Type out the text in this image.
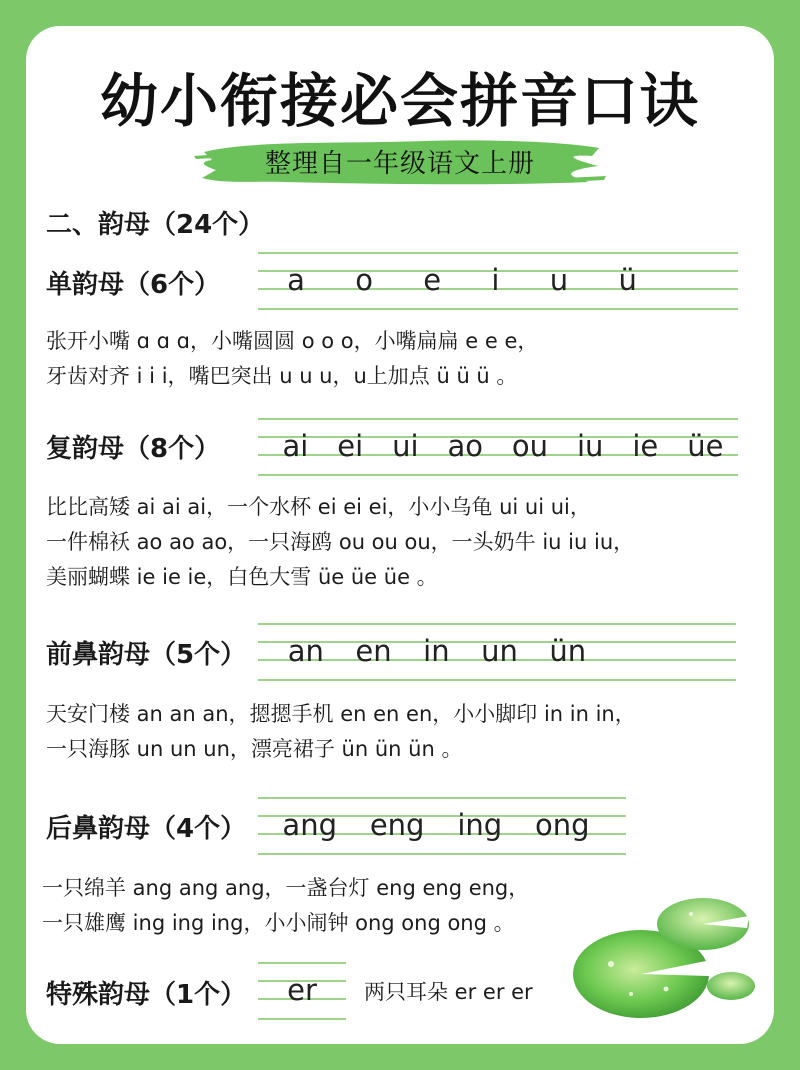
幼小衔接必会拼音口诀
整理自一年级语文上册
二、韵母（24个）
单韵母（6个） a o e i u ü
张开小嘴 ɑ ɑ ɑ，小嘴圆圆 o o o，小嘴扁扁 e e e，
牙齿对齐 i i i，嘴巴突出 u u u，u上加点 ü ü ü 。
复韵母（8个） ai ei ui ao ou iu ie üe
比比高矮 ai ai ai，一个水杯 ei ei ei，小小乌龟 ui ui ui，
一件棉袄 ao ao ao，一只海鸥 ou ou ou，一头奶牛 iu iu iu，
美丽蝴蝶 ie ie ie，白色大雪 üe üe üe 。
前鼻韵母（5个） an en in un ün
天安门楼 an an an，摁摁手机 en en en，小小脚印 in in in，
一只海豚 un un un，漂亮裙子 ün ün ün 。
后鼻韵母（4个） ang eng ing ong
一只绵羊 ang ang ang，一盏台灯 eng eng eng，
一只雄鹰 ing ing ing，小小闹钟 ong ong ong 。
特殊韵母（1个） er 两只耳朵 er er er
